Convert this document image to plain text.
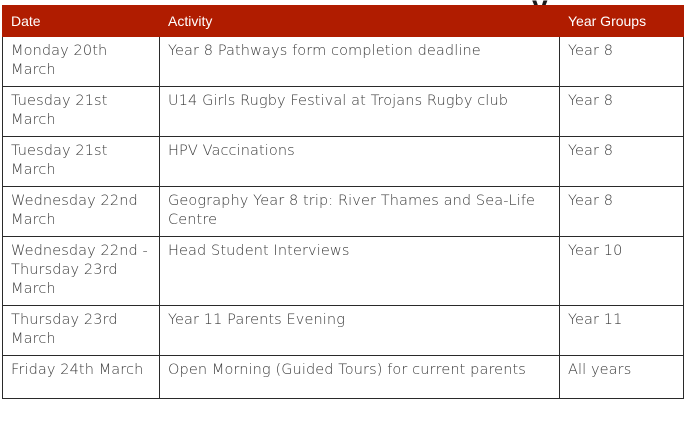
Date	Activity	Year Groups

Monday 20th March	Year 8 Pathways form completion deadline	Year 8

Tuesday 21st March	U14 Girls Rugby Festival at Trojans Rugby club	Year 8

Tuesday 21st March	HPV Vaccinations	Year 8

Wednesday 22nd March	Geography Year 8 trip: River Thames and Sea-Life Centre	Year 8

Wednesday 22nd - Thursday 23rd March	Head Student Interviews	Year 10

Thursday 23rd March	Year 11 Parents Evening	Year 11

Friday 24th March	Open Morning (Guided Tours) for current parents	All years
